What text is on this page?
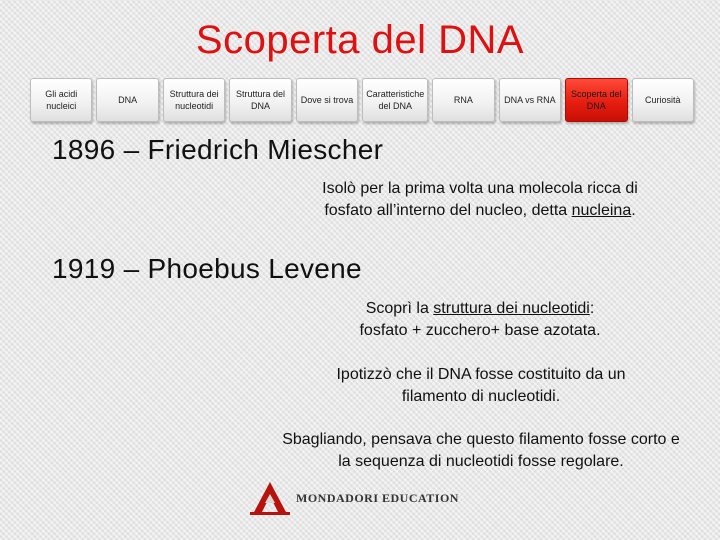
Scoperta del DNA
Gli acidi nucleici
DNA
Struttura dei nucleotidi
Struttura del DNA
Dove si trova
Caratteristiche del DNA
RNA	DNA vs RNA
Scoperta del DNA
Curiosità
1896 – Friedrich Miescher
Isolò per la prima volta una molecola ricca di fosfato all’interno del nucleo, detta nucleina.
1919 – Phoebus Levene
Scoprì la struttura dei nucleotidi:
fosfato + zucchero+ base azotata.
Ipotizzò che il DNA fosse costituito da un filamento di nucleotidi.
Sbagliando, pensava che questo filamento fosse corto e la sequenza di nucleotidi fosse regolare.
MONDADORI EDUCATION
